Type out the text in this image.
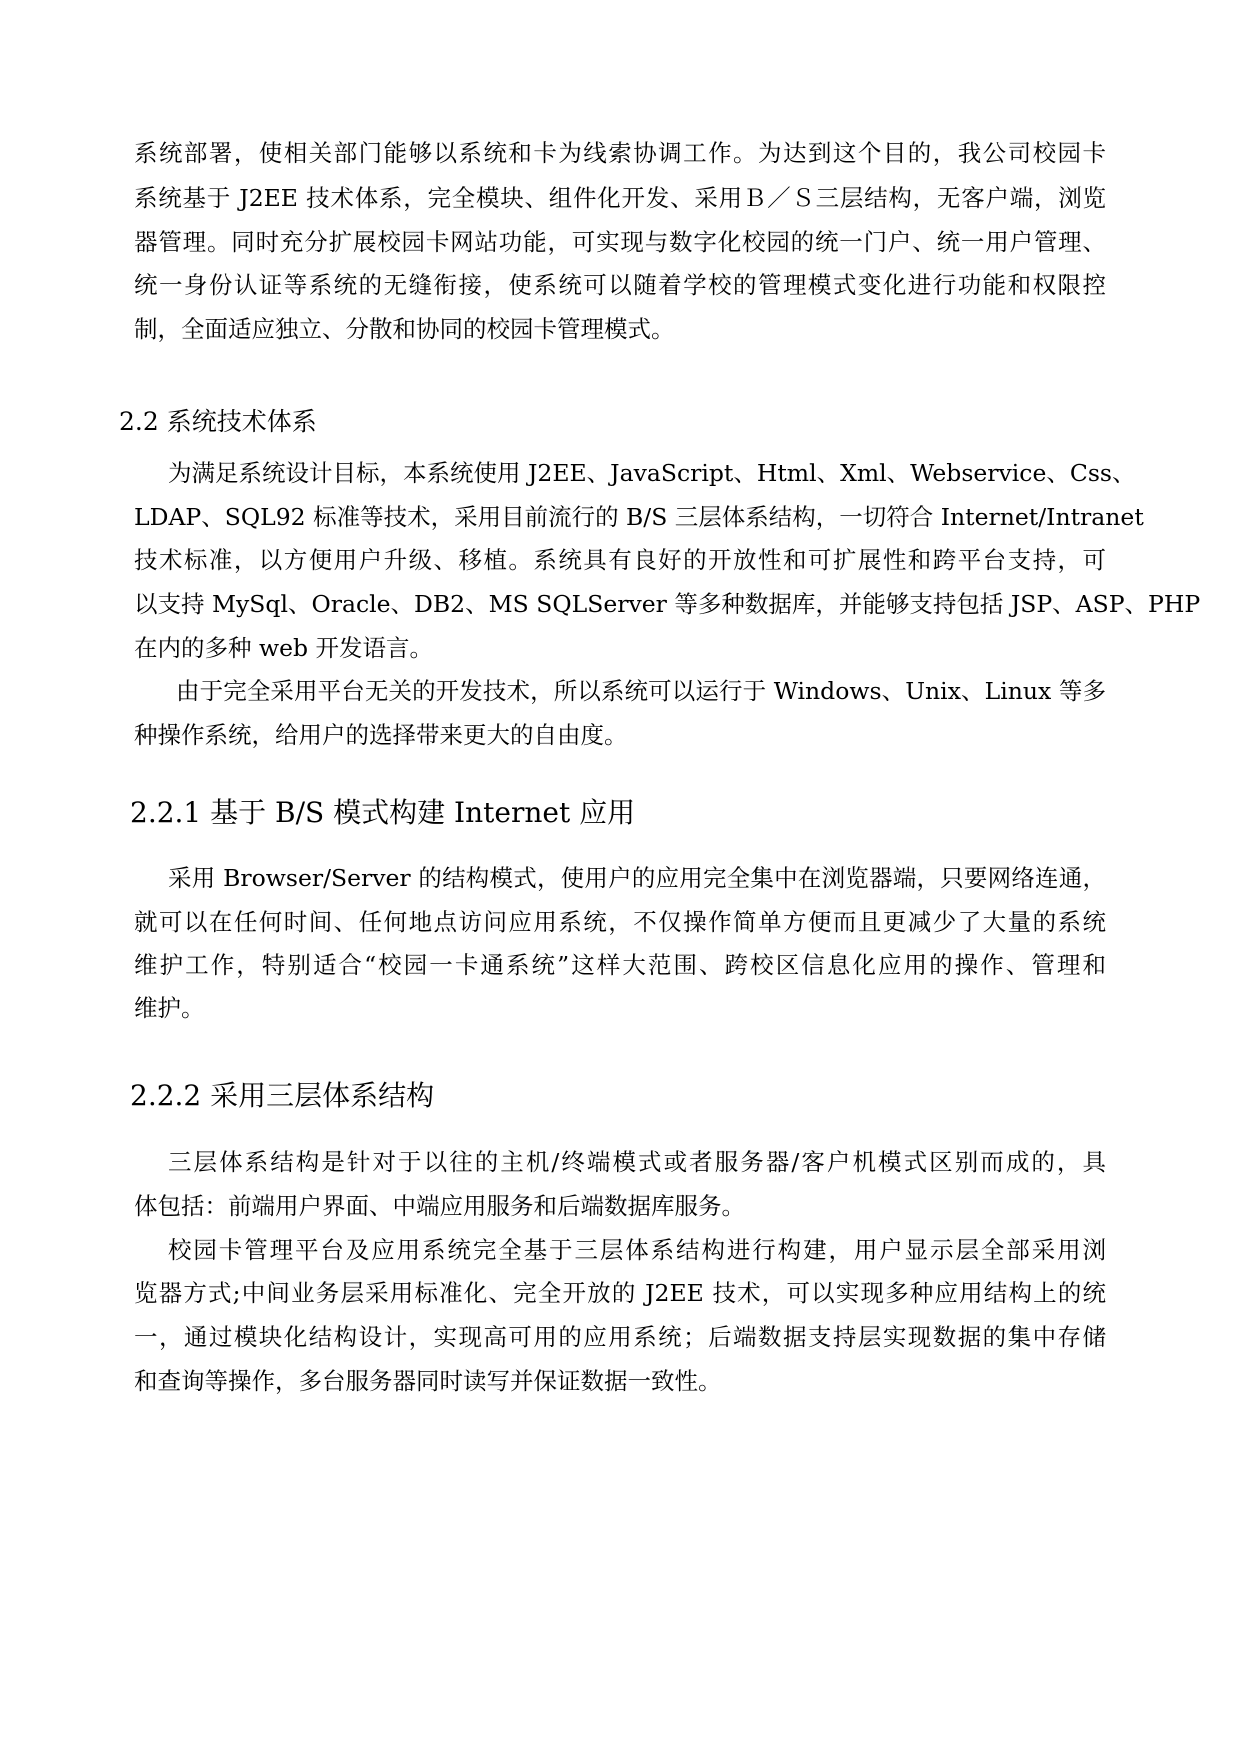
系统部署，使相关部门能够以系统和卡为线索协调工作。为达到这个目的，我公司校园卡
系统基于 J2EE 技术体系，完全模块、组件化开发、采用Ｂ／Ｓ三层结构，无客户端，浏览
器管理。同时充分扩展校园卡网站功能，可实现与数字化校园的统一门户、统一用户管理、
统一身份认证等系统的无缝衔接，使系统可以随着学校的管理模式变化进行功能和权限控
制，全面适应独立、分散和协同的校园卡管理模式。
2.2 系统技术体系
为满足系统设计目标，本系统使用 J2EE、JavaScript、Html、Xml、Webservice、Css、
LDAP、SQL92 标准等技术，采用目前流行的 B/S 三层体系结构，一切符合 Internet/Intranet
技术标准，以方便用户升级、移植。系统具有良好的开放性和可扩展性和跨平台支持，可
以支持 MySql、Oracle、DB2、MS SQLServer 等多种数据库，并能够支持包括 JSP、ASP、PHP
在内的多种 web 开发语言。
由于完全采用平台无关的开发技术，所以系统可以运行于 Windows、Unix、Linux 等多
种操作系统，给用户的选择带来更大的自由度。
2.2.1 基于 B/S 模式构建 Internet 应用
采用 Browser/Server 的结构模式，使用户的应用完全集中在浏览器端，只要网络连通，
就可以在任何时间、任何地点访问应用系统，不仅操作简单方便而且更减少了大量的系统
维护工作，特别适合“校园一卡通系统”这样大范围、跨校区信息化应用的操作、管理和
维护。
2.2.2 采用三层体系结构
三层体系结构是针对于以往的主机/终端模式或者服务器/客户机模式区别而成的，具
体包括：前端用户界面、中端应用服务和后端数据库服务。
校园卡管理平台及应用系统完全基于三层体系结构进行构建，用户显示层全部采用浏
览器方式;中间业务层采用标准化、完全开放的 J2EE 技术，可以实现多种应用结构上的统
一，通过模块化结构设计，实现高可用的应用系统；后端数据支持层实现数据的集中存储
和查询等操作，多台服务器同时读写并保证数据一致性。
